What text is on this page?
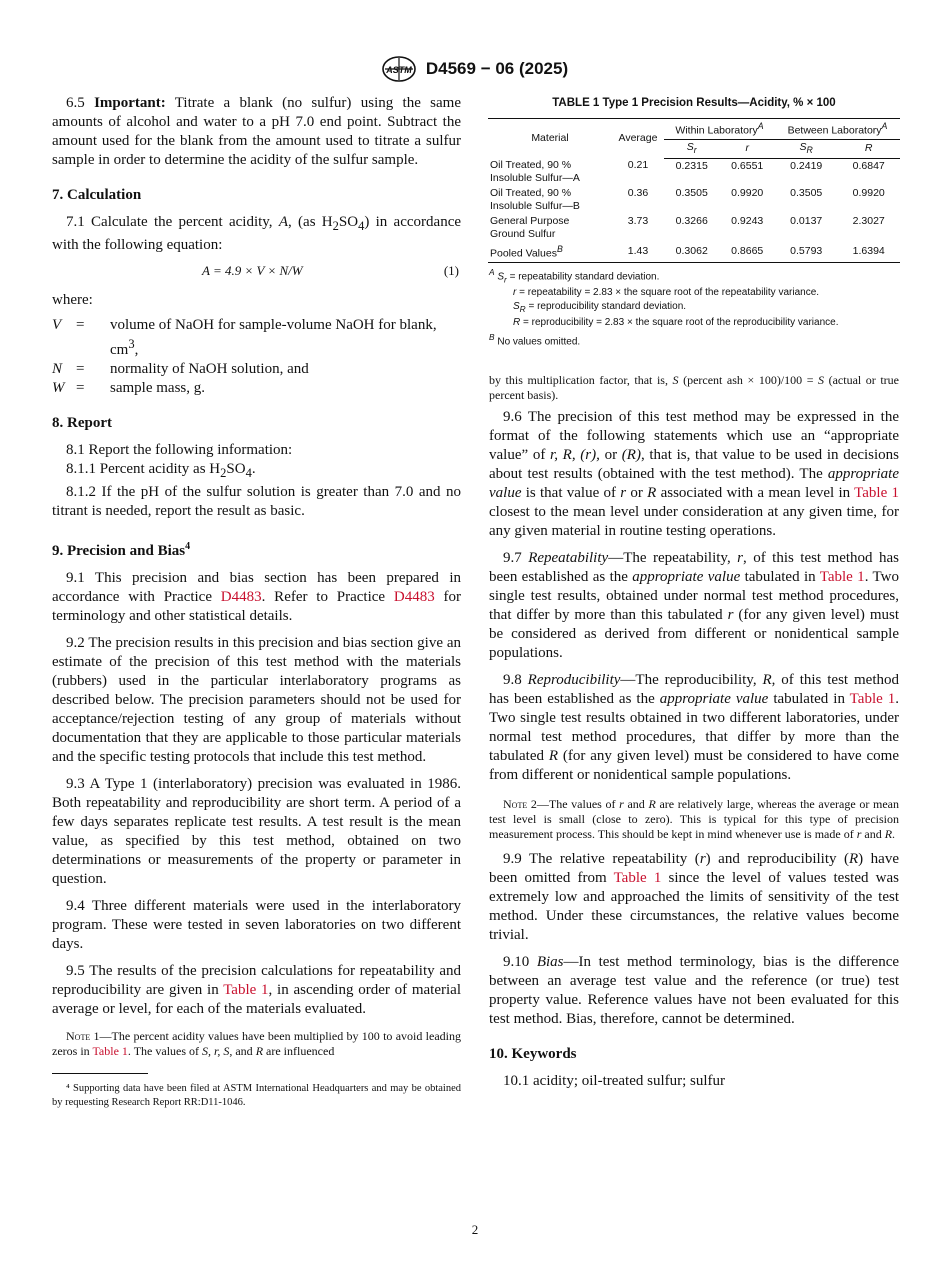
ASTM D4569 − 06 (2025)

6.5 Important: Titrate a blank (no sulfur) using the same amounts of alcohol and water to a pH 7.0 end point. Subtract the amount used for the blank from the amount used to titrate a sulfur sample in order to determine the acidity of the sulfur sample.

7. Calculation

7.1 Calculate the percent acidity, A, (as $H_2SO_4$) in accordance with the following equation:

A = 4.9 × V × N/W	(1)

where:

V	=	volume of NaOH for sample-volume NaOH for blank, $cm^3$,
N	=	normality of NaOH solution, and
W	=	sample mass, g.
8. Report

8.1 Report the following information:

8.1.1 Percent acidity as $H_2SO_4$.

8.1.2 If the pH of the sulfur solution is greater than 7.0 and no titrant is needed, report the result as basic.

9. Precision and Bias$^4$

9.1 This precision and bias section has been prepared in accordance with Practice D4483. Refer to Practice D4483 for terminology and other statistical details.

9.2 The precision results in this precision and bias section give an estimate of the precision of this test method with the materials (rubbers) used in the particular interlaboratory programs as described below. The precision parameters should not be used for acceptance/rejection testing of any group of materials without documentation that they are applicable to those particular materials and the specific testing protocols that include this test method.

9.3 A Type 1 (interlaboratory) precision was evaluated in 1986. Both repeatability and reproducibility are short term. A period of a few days separates replicate test results. A test result is the mean value, as specified by this test method, obtained on two determinations or measurements of the property or parameter in question.

9.4 Three different materials were used in the interlaboratory program. These were tested in seven laboratories on two different days.

9.5 The results of the precision calculations for repeatability and reproducibility are given in Table 1, in ascending order of material average or level, for each of the materials evaluated.

Note 1—The percent acidity values have been multiplied by 100 to avoid leading zeros in Table 1. The values of S, r, S, and R are influenced

⁴ Supporting data have been filed at ASTM International Headquarters and may be obtained by requesting Research Report RR:D11-1046.

TABLE 1 Type 1 Precision Results—Acidity, % × 100
Material	Average	Within Laboratory$^A$		Between Laboratory$^A$
		$S_r$	r	$S_R$	R
Oil Treated, 90 %
Insoluble Sulfur—A	0.21	0.2315	0.6551	0.2419	0.6847
Oil Treated, 90 %
Insoluble Sulfur—B	0.36	0.3505	0.9920	0.3505	0.9920
General Purpose
Ground Sulfur	3.73	0.3266	0.9243	0.0137	2.3027
Pooled Values$^B$	1.43	0.3062	0.8665	0.5793	1.6394
$^A$ $S_r$ = repeatability standard deviation.
r = repeatability = 2.83 × the square root of the repeatability variance.
$S_R$ = reproducibility standard deviation.
R = reproducibility = 2.83 × the square root of the reproducibility variance.
$^B$ No values omitted.

by this multiplication factor, that is, S (percent ash × 100)/100 = S (actual or true percent basis).

9.6 The precision of this test method may be expressed in the format of the following statements which use an “appropriate value” of r, R, (r), or (R), that is, that value to be used in decisions about test results (obtained with the test method). The appropriate value is that value of r or R associated with a mean level in Table 1 closest to the mean level under consideration at any given time, for any given material in routine testing operations.

9.7 Repeatability—The repeatability, r, of this test method has been established as the appropriate value tabulated in Table 1. Two single test results, obtained under normal test method procedures, that differ by more than this tabulated r (for any given level) must be considered as derived from different or nonidentical sample populations.

9.8 Reproducibility—The reproducibility, R, of this test method has been established as the appropriate value tabulated in Table 1. Two single test results obtained in two different laboratories, under normal test method procedures, that differ by more than the tabulated R (for any given level) must be considered to have come from different or nonidentical sample populations.

Note 2—The values of r and R are relatively large, whereas the average or mean test level is small (close to zero). This is typical for this type of precision measurement process. This should be kept in mind whenever use is made of r and R.

9.9 The relative repeatability (r) and reproducibility (R) have been omitted from Table 1 since the level of values tested was extremely low and approached the limits of sensitivity of the test method. Under these circumstances, the relative values become trivial.

9.10 Bias—In test method terminology, bias is the difference between an average test value and the reference (or true) test property value. Reference values have not been evaluated for this test method. Bias, therefore, cannot be determined.

10. Keywords

10.1 acidity; oil-treated sulfur; sulfur

2
